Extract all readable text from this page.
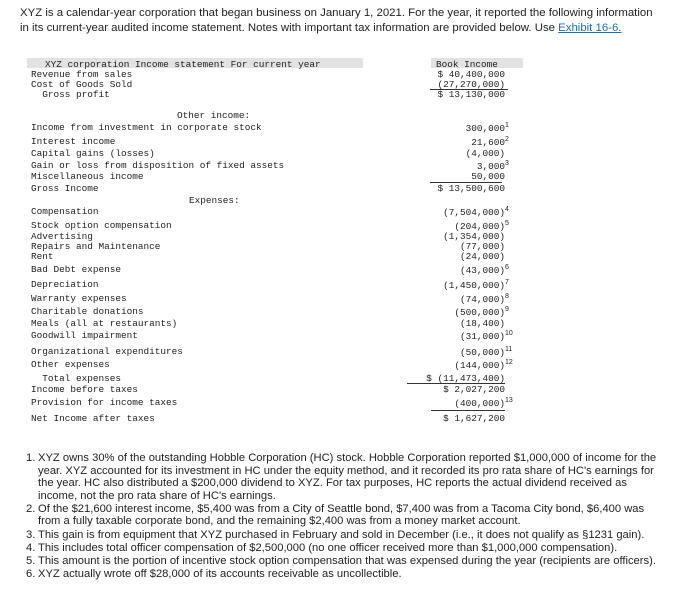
XYZ is a calendar-year corporation that began business on January 1, 2021. For the year, it reported the following information in its current-year audited income statement. Notes with important tax information are provided below. Use Exhibit 16-6.
XYZ corporation Income statement For current year	Book Income
Other income:
Expenses:
Revenue from sales	$ 40,400,000
Cost of Goods Sold	(27,270,000)
Gross profit	$ 13,130,000
Income from investment in corporate stock	300,000$^1$
Interest income	21,600$^2$
Capital gains (losses)	(4,000)
Gain or loss from disposition of fixed assets	3,000$^3$
Miscellaneous income	50,000
Gross Income	$ 13,500,600
Compensation	$(7,504,000)^4$
Stock option compensation	$(204,000)^5$
Advertising	(1,354,000)
Repairs and Maintenance	(77,000)
Rent	(24,000)
Bad Debt expense	$(43,000)^6$
Depreciation	$(1,450,000)^7$
Warranty expenses	$(74,000)^8$
Charitable donations	$(500,000)^9$
Meals (all at restaurants)	(18,400)
Goodwill impairment	$(31,000)^{10}$
Organizational expenditures	$(50,000)^{11}$
Other expenses	$(144,000)^{12}$
Total expenses	$ (11,473,400)
Income before taxes	$ 2,027,200
Provision for income taxes	$(400,000)^{13}$
Net Income after taxes	$ 1,627,200
1. XYZ owns 30% of the outstanding Hobble Corporation (HC) stock. Hobble Corporation reported $1,000,000 of income for the year. XYZ accounted for its investment in HC under the equity method, and it recorded its pro rata share of HC's earnings for the year. HC also distributed a $200,000 dividend to XYZ. For tax purposes, HC reports the actual dividend received as income, not the pro rata share of HC's earnings.
2. Of the $21,600 interest income, $5,400 was from a City of Seattle bond, $7,400 was from a Tacoma City bond, $6,400 was from a fully taxable corporate bond, and the remaining $2,400 was from a money market account.
3. This gain is from equipment that XYZ purchased in February and sold in December (i.e., it does not qualify as §1231 gain).
4. This includes total officer compensation of $2,500,000 (no one officer received more than $1,000,000 compensation).
5. This amount is the portion of incentive stock option compensation that was expensed during the year (recipients are officers).
6. XYZ actually wrote off $28,000 of its accounts receivable as uncollectible.
